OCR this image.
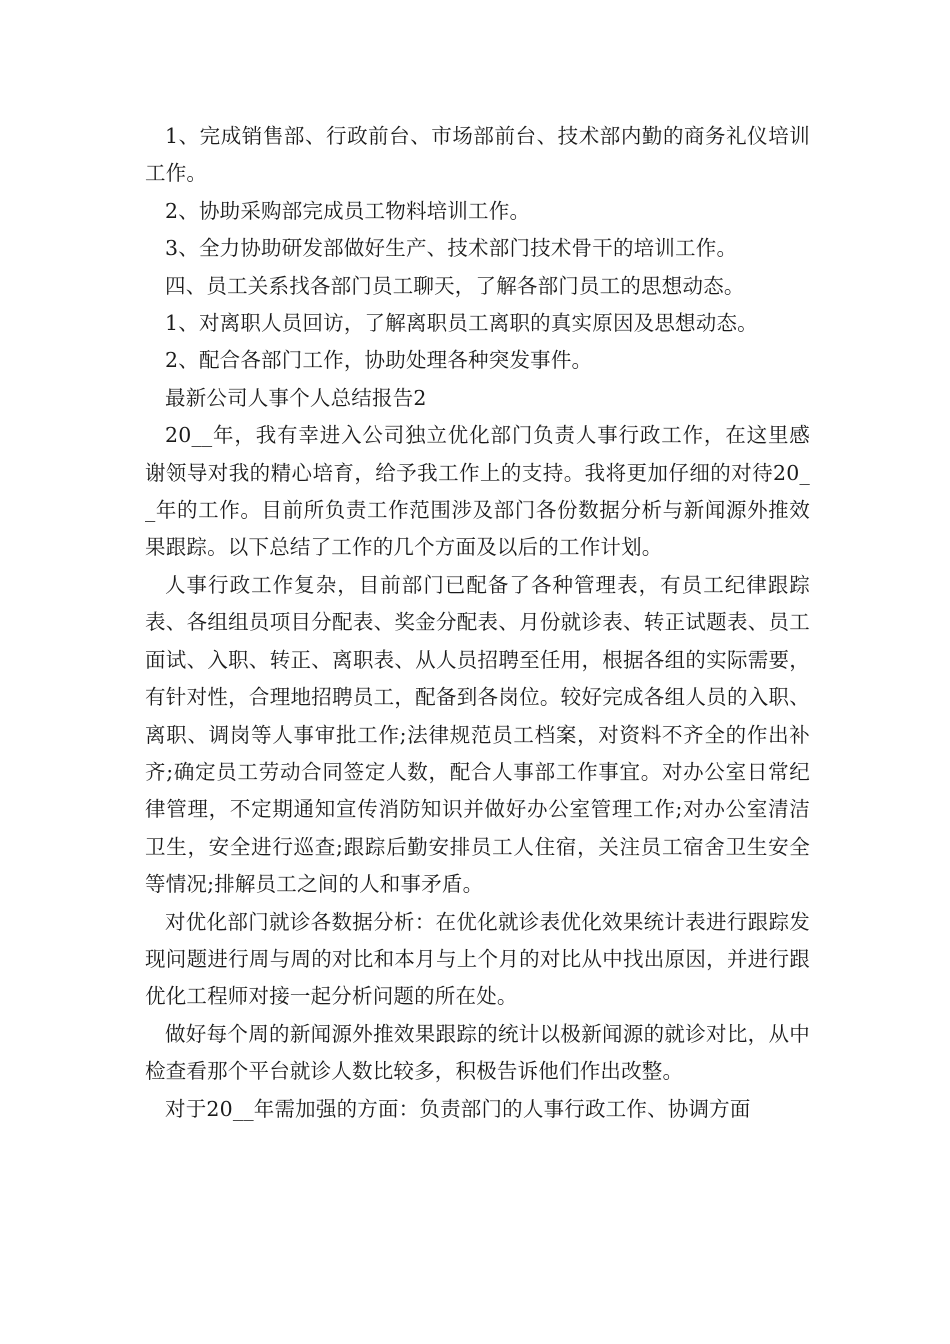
1、完成销售部、行政前台、市场部前台、技术部内勤的商务礼仪培训工作。

2、协助采购部完成员工物料培训工作。

3、全力协助研发部做好生产、技术部门技术骨干的培训工作。

四、员工关系找各部门员工聊天，了解各部门员工的思想动态。

1、对离职人员回访，了解离职员工离职的真实原因及思想动态。

2、配合各部门工作，协助处理各种突发事件。

最新公司人事个人总结报告2

20__年，我有幸进入公司独立优化部门负责人事行政工作，在这里感谢领导对我的精心培育，给予我工作上的支持。我将更加仔细的对待20__年的工作。目前所负责工作范围涉及部门各份数据分析与新闻源外推效果跟踪。以下总结了工作的几个方面及以后的工作计划。

人事行政工作复杂，目前部门已配备了各种管理表，有员工纪律跟踪表、各组组员项目分配表、奖金分配表、月份就诊表、转正试题表、员工面试、入职、转正、离职表、从人员招聘至任用，根据各组的实际需要，有针对性，合理地招聘员工，配备到各岗位。较好完成各组人员的入职、离职、调岗等人事审批工作;法律规范员工档案，对资料不齐全的作出补齐;确定员工劳动合同签定人数，配合人事部工作事宜。对办公室日常纪律管理，不定期通知宣传消防知识并做好办公室管理工作;对办公室清洁卫生，安全进行巡查;跟踪后勤安排员工人住宿，关注员工宿舍卫生安全等情况;排解员工之间的人和事矛盾。

对优化部门就诊各数据分析：在优化就诊表优化效果统计表进行跟踪发现问题进行周与周的对比和本月与上个月的对比从中找出原因，并进行跟优化工程师对接一起分析问题的所在处。

做好每个周的新闻源外推效果跟踪的统计以极新闻源的就诊对比，从中检查看那个平台就诊人数比较多，积极告诉他们作出改整。

对于20__年需加强的方面：负责部门的人事行政工作、协调方面
